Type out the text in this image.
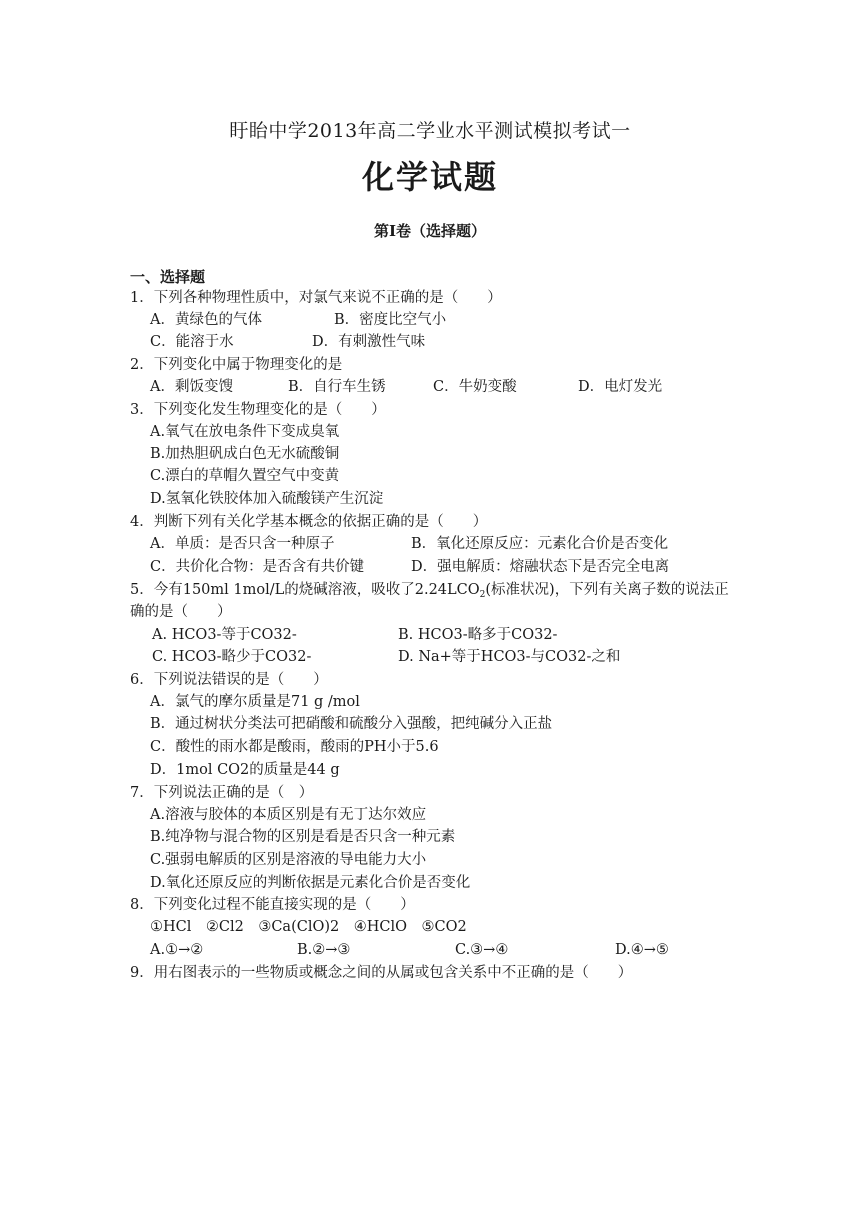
盱眙中学2013年高二学业水平测试模拟考试一
化学试题
第Ⅰ卷（选择题）
一、选择题
1．下列各种物理性质中，对氯气来说不正确的是（　　）
A．黄绿色的气体	B．密度比空气小
C．能溶于水	D．有刺激性气味
2．下列变化中属于物理变化的是
A．剩饭变馊	B．自行车生锈	C．牛奶变酸	D．电灯发光
3．下列变化发生物理变化的是（　　）
A.氧气在放电条件下变成臭氧
B.加热胆矾成白色无水硫酸铜
C.漂白的草帽久置空气中变黄
D.氢氧化铁胶体加入硫酸镁产生沉淀
4．判断下列有关化学基本概念的依据正确的是（　　）
A．单质：是否只含一种原子	B．氧化还原反应：元素化合价是否变化
C．共价化合物：是否含有共价键	D．强电解质：熔融状态下是否完全电离
5．今有150ml 1mol/L的烧碱溶液，吸收了$2.24LCO_2$(标准状况)，下列有关离子数的说法正
确的是（　　）
A. HCO3-等于CO32-	B. HCO3-略多于CO32-
C. HCO3-略少于CO32-	D. Na+等于HCO3-与CO32-之和
6．下列说法错误的是（　　）
A．氯气的摩尔质量是71 g /mol
B．通过树状分类法可把硝酸和硫酸分入强酸，把纯碱分入正盐
C．酸性的雨水都是酸雨，酸雨的PH小于5.6
D．1mol CO2的质量是44 g
7．下列说法正确的是（　）
A.溶液与胶体的本质区别是有无丁达尔效应
B.纯净物与混合物的区别是看是否只含一种元素
C.强弱电解质的区别是溶液的导电能力大小
D.氧化还原反应的判断依据是元素化合价是否变化
8．下列变化过程不能直接实现的是（　　）
①HCl　②Cl2　③Ca(ClO)2　④HClO　⑤CO2
A.①→②	B.②→③	C.③→④	D.④→⑤
9．用右图表示的一些物质或概念之间的从属或包含关系中不正确的是（　　）
